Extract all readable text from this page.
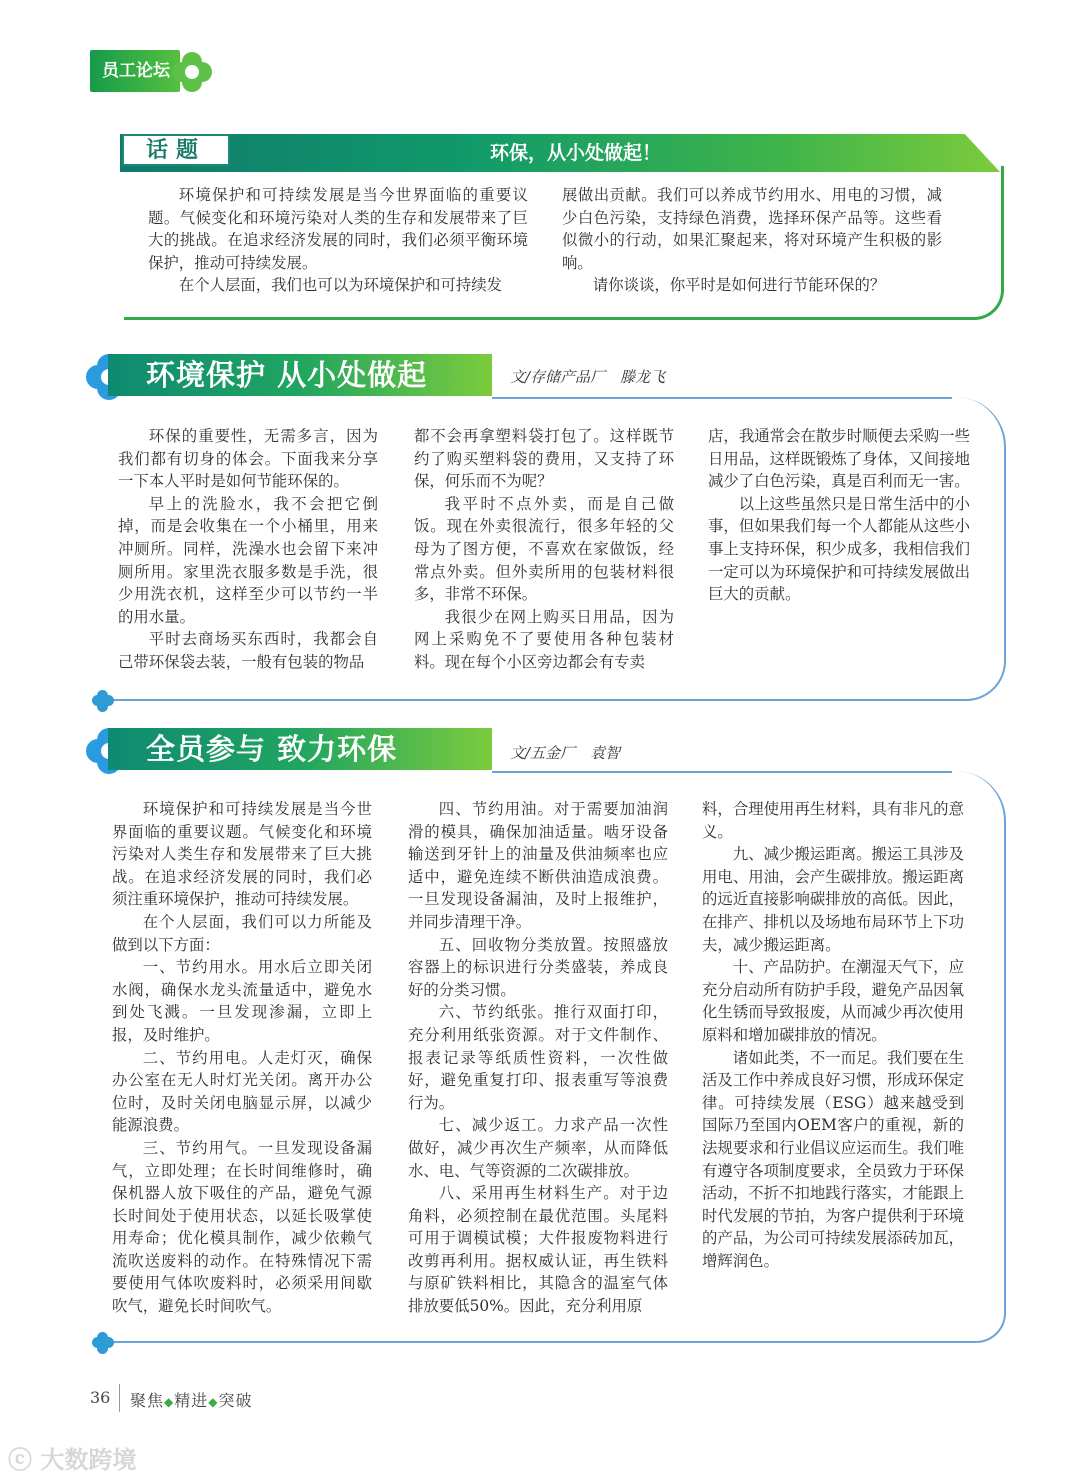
员工论坛
话题	环保，从小处做起！

环境保护和可持续发展是当今世界面临的重要议题。气候变化和环境污染对人类的生存和发展带来了巨大的挑战。在追求经济发展的同时，我们必须平衡环境保护，推动可持续发展。

在个人层面，我们也可以为环境保护和可持续发

展做出贡献。我们可以养成节约用水、用电的习惯，减少白色污染，支持绿色消费，选择环保产品等。这些看似微小的行动，如果汇聚起来，将对环境产生积极的影响。

请你谈谈，你平时是如何进行节能环保的？

环境保护 从小处做起	文/存储产品厂　滕龙飞

环保的重要性，无需多言，因为我们都有切身的体会。下面我来分享一下本人平时是如何节能环保的。

早上的洗脸水，我不会把它倒掉，而是会收集在一个小桶里，用来冲厕所。同样，洗澡水也会留下来冲厕所用。家里洗衣服多数是手洗，很少用洗衣机，这样至少可以节约一半的用水量。

平时去商场买东西时，我都会自己带环保袋去装，一般有包装的物品

都不会再拿塑料袋打包了。这样既节约了购买塑料袋的费用，又支持了环保，何乐而不为呢？

我平时不点外卖，而是自己做饭。现在外卖很流行，很多年轻的父母为了图方便，不喜欢在家做饭，经常点外卖。但外卖所用的包装材料很多，非常不环保。

我很少在网上购买日用品，因为网上采购免不了要使用各种包装材料。现在每个小区旁边都会有专卖

店，我通常会在散步时顺便去采购一些日用品，这样既锻炼了身体，又间接地减少了白色污染，真是百利而无一害。

以上这些虽然只是日常生活中的小事，但如果我们每一个人都能从这些小事上支持环保，积少成多，我相信我们一定可以为环境保护和可持续发展做出巨大的贡献。

全员参与 致力环保	文/五金厂　袁智

环境保护和可持续发展是当今世界面临的重要议题。气候变化和环境污染对人类生存和发展带来了巨大挑战。在追求经济发展的同时，我们必须注重环境保护，推动可持续发展。

在个人层面，我们可以力所能及做到以下方面：

一、节约用水。用水后立即关闭水阀，确保水龙头流量适中，避免水到处飞溅。一旦发现渗漏，立即上报，及时维护。

二、节约用电。人走灯灭，确保办公室在无人时灯光关闭。离开办公位时，及时关闭电脑显示屏，以减少能源浪费。

三、节约用气。一旦发现设备漏气，立即处理；在长时间维修时，确保机器人放下吸住的产品，避免气源长时间处于使用状态，以延长吸掌使用寿命；优化模具制作，减少依赖气流吹送废料的动作。在特殊情况下需要使用气体吹废料时，必须采用间歇吹气，避免长时间吹气。

四、节约用油。对于需要加油润滑的模具，确保加油适量。啮牙设备输送到牙针上的油量及供油频率也应适中，避免连续不断供油造成浪费。一旦发现设备漏油，及时上报维护，并同步清理干净。

五、回收物分类放置。按照盛放容器上的标识进行分类盛装，养成良好的分类习惯。

六、节约纸张。推行双面打印，充分利用纸张资源。对于文件制作、报表记录等纸质性资料，一次性做好，避免重复打印、报表重写等浪费行为。

七、减少返工。力求产品一次性做好，减少再次生产频率，从而降低水、电、气等资源的二次碳排放。

八、采用再生材料生产。对于边角料，必须控制在最优范围。头尾料可用于调模试模；大件报废物料进行改剪再利用。据权威认证，再生铁料与原矿铁料相比，其隐含的温室气体排放要低50%。因此，充分利用原

料，合理使用再生材料，具有非凡的意义。

九、减少搬运距离。搬运工具涉及用电、用油，会产生碳排放。搬运距离的远近直接影响碳排放的高低。因此，在排产、排机以及场地布局环节上下功夫，减少搬运距离。

十、产品防护。在潮湿天气下，应充分启动所有防护手段，避免产品因氧化生锈而导致报废，从而减少再次使用原料和增加碳排放的情况。

诸如此类，不一而足。我们要在生活及工作中养成良好习惯，形成环保定律。可持续发展（ESG）越来越受到国际乃至国内OEM客户的重视，新的法规要求和行业倡议应运而生。我们唯有遵守各项制度要求，全员致力于环保活动，不折不扣地践行落实，才能跟上时代发展的节拍，为客户提供利于环境的产品，为公司可持续发展添砖加瓦，增辉润色。

36 聚焦◆精进◆突破
ⓒ 大数跨境
